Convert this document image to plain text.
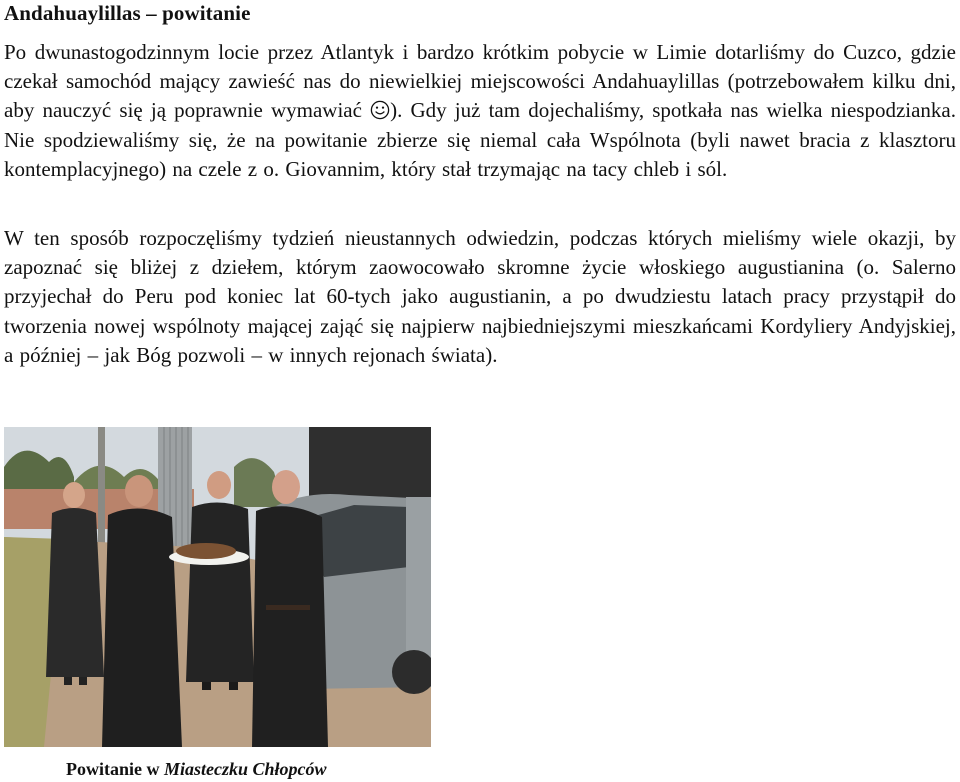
Andahuaylillas – powitanie

Po dwunastogodzinnym locie przez Atlantyk i bardzo krótkim pobycie w Limie dotarliśmy do Cuzco, gdzie czekał samochód mający zawieść nas do niewielkiej miejscowości Andahuaylillas (potrzebowałem kilku dni, aby nauczyć się ją poprawnie wymawiać ). Gdy już tam dojechaliśmy, spotkała nas wielka niespodzianka. Nie spodziewaliśmy się, że na powitanie zbierze się niemal cała Wspólnota (byli nawet bracia z klasztoru kontemplacyjnego) na czele z o. Giovannim, który stał trzymając na tacy chleb i sól.

W ten sposób rozpoczęliśmy tydzień nieustannych odwiedzin, podczas których mieliśmy wiele okazji, by zapoznać się bliżej z dziełem, którym zaowocowało skromne życie włoskiego augustianina (o. Salerno przyjechał do Peru pod koniec lat 60-tych jako augustianin, a po dwudziestu latach pracy przystąpił do tworzenia nowej wspólnoty mającej zająć się najpierw najbiedniejszymi mieszkańcami Kordyliery Andyjskiej, a później – jak Bóg pozwoli – w innych rejonach świata).

Powitanie w Miasteczku Chłopców
